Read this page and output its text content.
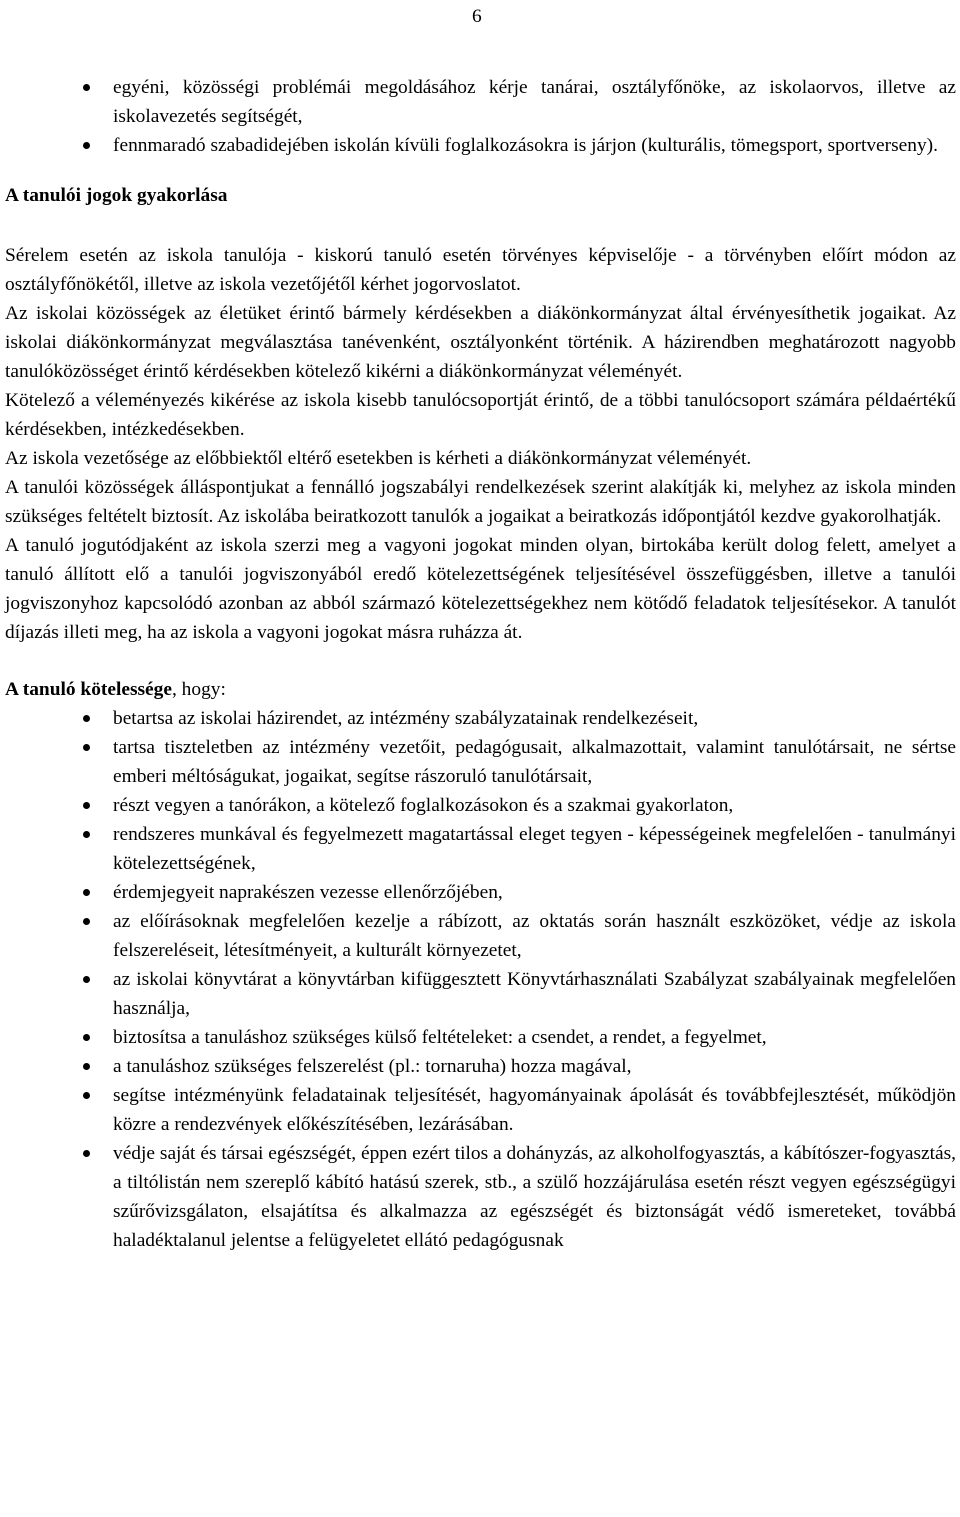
6
egyéni, közösségi problémái megoldásához kérje tanárai, osztályfőnöke, az iskolaorvos, illetve az iskolavezetés segítségét,
fennmaradó szabadidejében iskolán kívüli foglalkozásokra is járjon (kulturális, tömegsport, sportverseny).
A tanulói jogok gyakorlása

Sérelem esetén az iskola tanulója - kiskorú tanuló esetén törvényes képviselője - a törvényben előírt módon az osztályfőnökétől, illetve az iskola vezetőjétől kérhet jogorvoslatot.

Az iskolai közösségek az életüket érintő bármely kérdésekben a diákönkormányzat által érvényesíthetik jogaikat. Az iskolai diákönkormányzat megválasztása tanévenként, osztályonként történik. A házirendben meghatározott nagyobb tanulóközösséget érintő kérdésekben kötelező kikérni a diákönkormányzat véleményét.

Kötelező a véleményezés kikérése az iskola kisebb tanulócsoportját érintő, de a többi tanulócsoport számára példaértékű kérdésekben, intézkedésekben.

Az iskola vezetősége az előbbiektől eltérő esetekben is kérheti a diákönkormányzat véleményét.

A tanulói közösségek álláspontjukat a fennálló jogszabályi rendelkezések szerint alakítják ki, melyhez az iskola minden szükséges feltételt biztosít. Az iskolába beiratkozott tanulók a jogaikat a beiratkozás időpontjától kezdve gyakorolhatják.

A tanuló jogutódjaként az iskola szerzi meg a vagyoni jogokat minden olyan, birtokába került dolog felett, amelyet a tanuló állított elő a tanulói jogviszonyából eredő kötelezettségének teljesítésével összefüggésben, illetve a tanulói jogviszonyhoz kapcsolódó azonban az abból származó kötelezettségekhez nem kötődő feladatok teljesítésekor. A tanulót díjazás illeti meg, ha az iskola a vagyoni jogokat másra ruházza át.

A tanuló kötelessége, hogy:

betartsa az iskolai házirendet, az intézmény szabályzatainak rendelkezéseit,
tartsa tiszteletben az intézmény vezetőit, pedagógusait, alkalmazottait, valamint tanulótársait, ne sértse emberi méltóságukat, jogaikat, segítse rászoruló tanulótársait,
részt vegyen a tanórákon, a kötelező foglalkozásokon és a szakmai gyakorlaton,
rendszeres munkával és fegyelmezett magatartással eleget tegyen - képességeinek megfelelően - tanulmányi kötelezettségének,
érdemjegyeit naprakészen vezesse ellenőrzőjében,
az előírásoknak megfelelően kezelje a rábízott, az oktatás során használt eszközöket, védje az iskola felszereléseit, létesítményeit, a kulturált környezetet,
az iskolai könyvtárat a könyvtárban kifüggesztett Könyvtárhasználati Szabályzat szabályainak megfelelően használja,
biztosítsa a tanuláshoz szükséges külső feltételeket: a csendet, a rendet, a fegyelmet,
a tanuláshoz szükséges felszerelést (pl.: tornaruha) hozza magával,
segítse intézményünk feladatainak teljesítését, hagyományainak ápolását és továbbfejlesztését, működjön közre a rendezvények előkészítésében, lezárásában.
védje saját és társai egészségét, éppen ezért tilos a dohányzás, az alkoholfogyasztás, a kábítószer-fogyasztás, a tiltólistán nem szereplő kábító hatású szerek, stb., a szülő hozzájárulása esetén részt vegyen egészségügyi szűrővizsgálaton, elsajátítsa és alkalmazza az egészségét és biztonságát védő ismereteket, továbbá haladéktalanul jelentse a felügyeletet ellátó pedagógusnak
